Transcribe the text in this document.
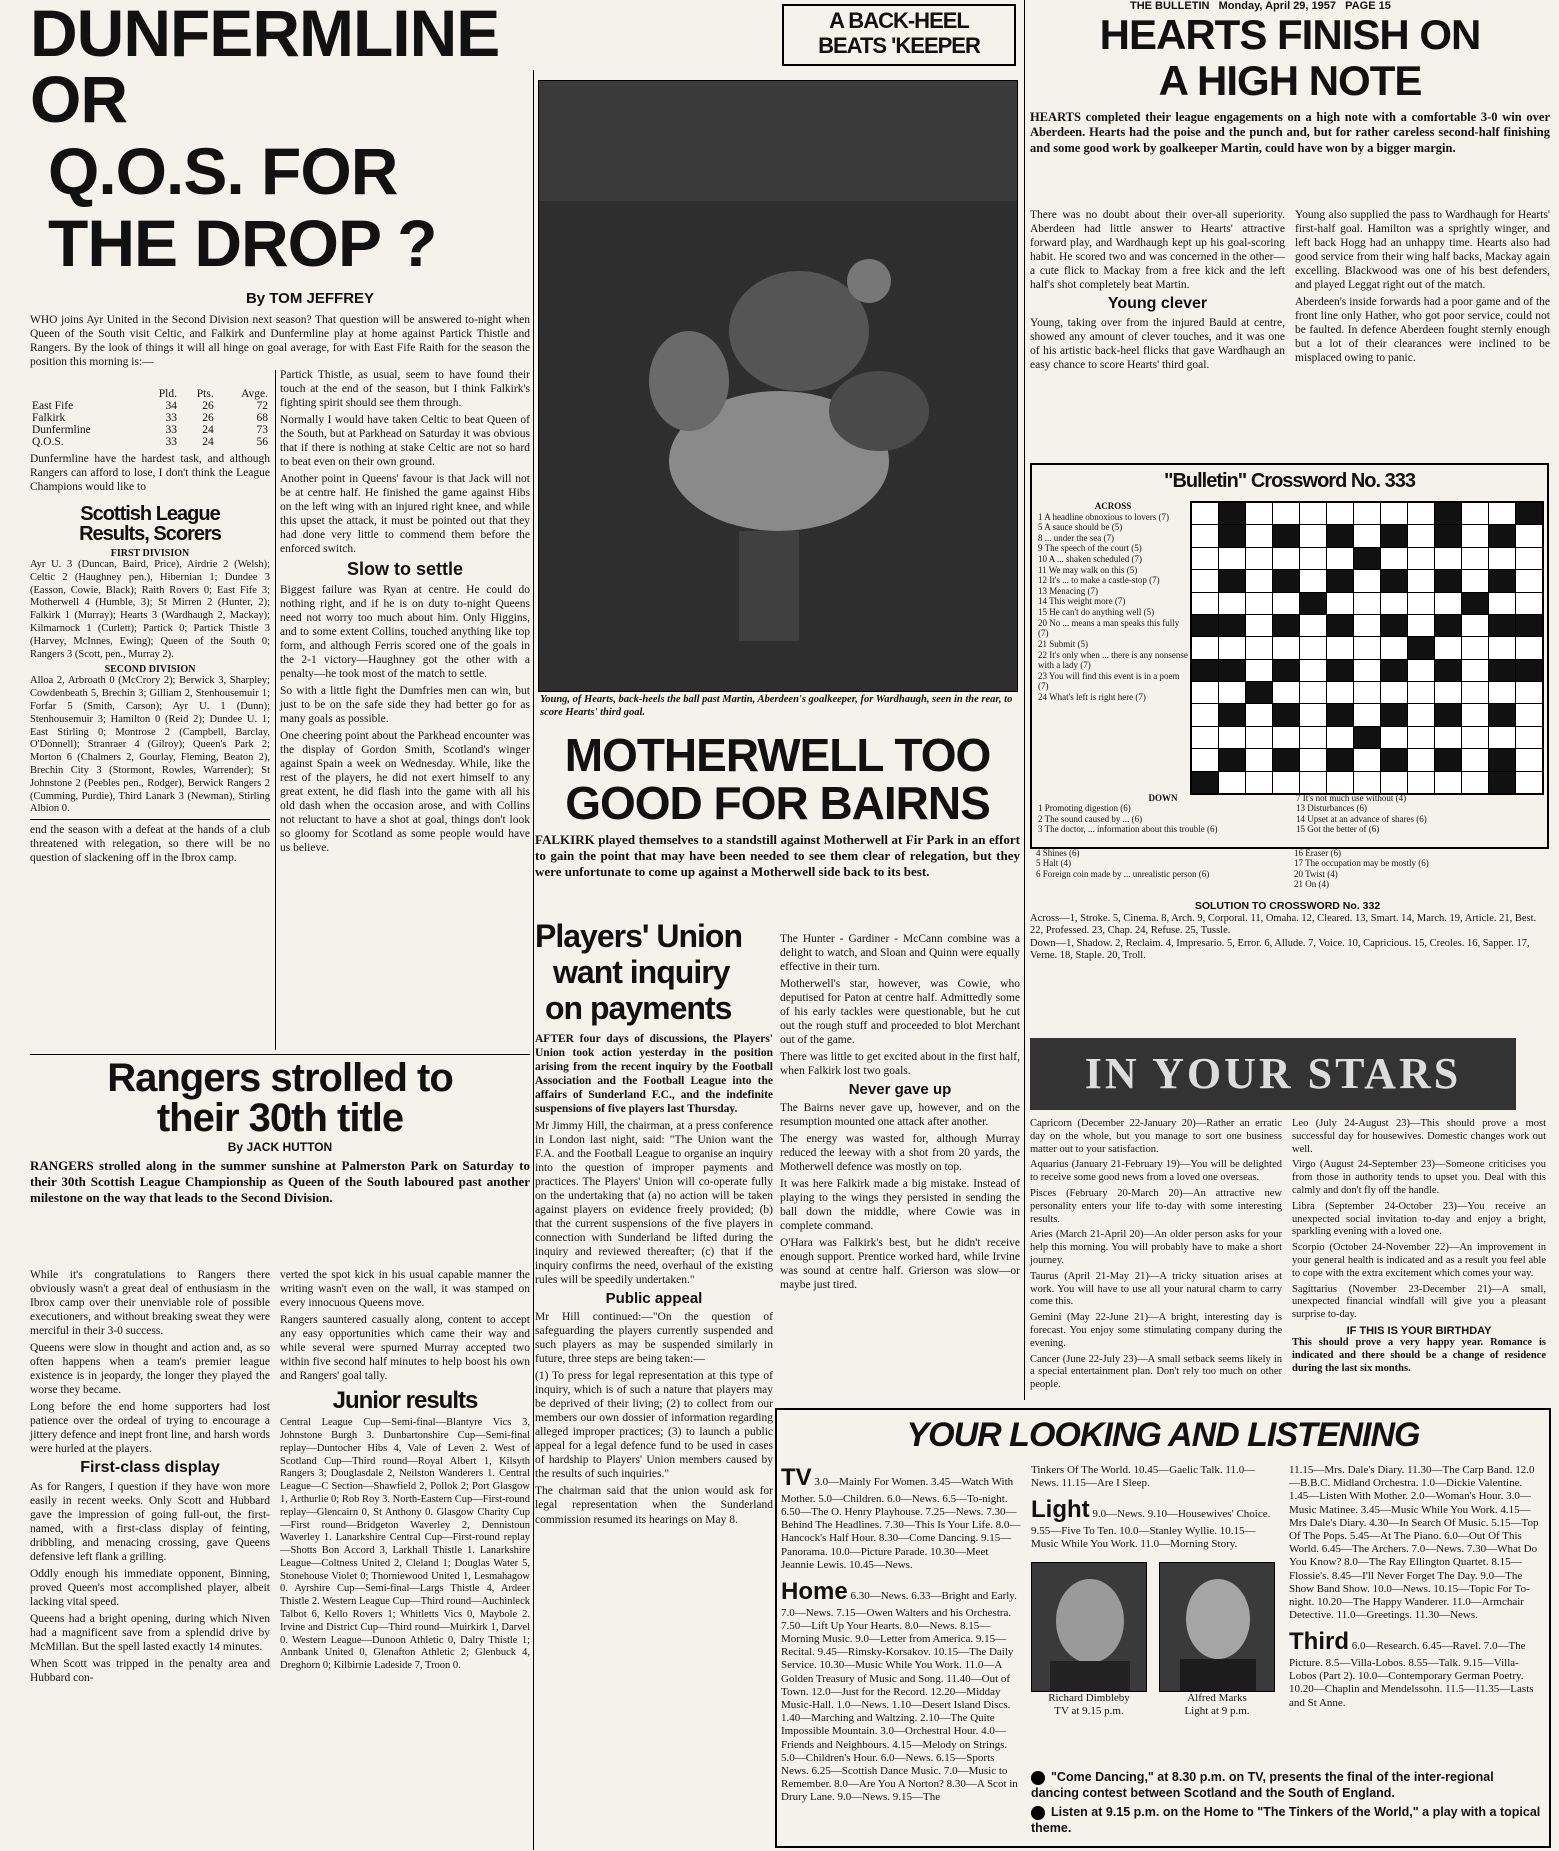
THE BULLETIN Monday, April 29, 1957 PAGE 15
DUNFERMLINE OR
Q.O.S. FOR
THE DROP ?
By TOM JEFFREY

WHO joins Ayr United in the Second Division next season? That question will be answered to-night when Queen of the South visit Celtic, and Falkirk and Dunfermline play at home against Partick Thistle and Rangers. By the look of things it will all hinge on goal average, for with East Fife Raith for the season the position this morning is:—

	Pld.	Pts.	Avge.
East Fife	34	26	72
Falkirk	33	26	68
Dunfermline	33	24	73
Q.O.S.	33	24	56

Dunfermline have the hardest task, and although Rangers can afford to lose, I don't think the League Champions would like to

Scottish League
Results, Scorers
FIRST DIVISION

Ayr U. 3 (Duncan, Baird, Price), Airdrie 2 (Welsh); Celtic 2 (Haughney pen.), Hibernian 1; Dundee 3 (Easson, Cowie, Black); Raith Rovers 0; East Fife 3; Motherwell 4 (Humble, 3); St Mirren 2 (Hunter, 2); Falkirk 1 (Murray); Hearts 3 (Wardhaugh 2, Mackay); Kilmarnock 1 (Curlett); Partick 0; Partick Thistle 3 (Harvey, McInnes, Ewing); Queen of the South 0; Rangers 3 (Scott, pen., Murray 2).

SECOND DIVISION

Alloa 2, Arbroath 0 (McCrory 2); Berwick 3, Sharpley; Cowdenbeath 5, Brechin 3; Gilliam 2, Stenhousemuir 1; Forfar 5 (Smith, Carson); Ayr U. 1 (Dunn); Stenhousemuir 3; Hamilton 0 (Reid 2); Dundee U. 1; East Stirling 0; Montrose 2 (Campbell, Barclay, O'Donnell); Stranraer 4 (Gilroy); Queen's Park 2; Morton 6 (Chalmers 2, Gourlay, Fleming, Beaton 2), Brechin City 3 (Stormont, Rowles, Warrender); St Johnstone 2 (Peebles pen., Rodger), Berwick Rangers 2 (Cumming, Purdie), Third Lanark 3 (Newman), Stirling Albion 0.

end the season with a defeat at the hands of a club threatened with relegation, so there will be no question of slackening off in the Ibrox camp.

Partick Thistle, as usual, seem to have found their touch at the end of the season, but I think Falkirk's fighting spirit should see them through.

Normally I would have taken Celtic to beat Queen of the South, but at Parkhead on Saturday it was obvious that if there is nothing at stake Celtic are not so hard to beat even on their own ground.

Another point in Queens' favour is that Jack will not be at centre half. He finished the game against Hibs on the left wing with an injured right knee, and while this upset the attack, it must be pointed out that they had done very little to commend them before the enforced switch.

Slow to settle

Biggest failure was Ryan at centre. He could do nothing right, and if he is on duty to-night Queens need not worry too much about him. Only Higgins, and to some extent Collins, touched anything like top form, and although Ferris scored one of the goals in the 2-1 victory—Haughney got the other with a penalty—he took most of the match to settle.

So with a little fight the Dumfries men can win, but just to be on the safe side they had better go for as many goals as possible.

One cheering point about the Parkhead encounter was the display of Gordon Smith, Scotland's winger against Spain a week on Wednesday. While, like the rest of the players, he did not exert himself to any great extent, he did flash into the game with all his old dash when the occasion arose, and with Collins not reluctant to have a shot at goal, things don't look so gloomy for Scotland as some people would have us believe.

Rangers strolled to
their 30th title
By JACK HUTTON

RANGERS strolled along in the summer sunshine at Palmerston Park on Saturday to their 30th Scottish League Championship as Queen of the South laboured past another milestone on the way that leads to the Second Division.

While it's congratulations to Rangers there obviously wasn't a great deal of enthusiasm in the Ibrox camp over their unenviable role of possible executioners, and without breaking sweat they were merciful in their 3-0 success.

Queens were slow in thought and action and, as so often happens when a team's premier league existence is in jeopardy, the longer they played the worse they became.

Long before the end home supporters had lost patience over the ordeal of trying to encourage a jittery defence and inept front line, and harsh words were hurled at the players.

First-class display

As for Rangers, I question if they have won more easily in recent weeks. Only Scott and Hubbard gave the impression of going full-out, the first-named, with a first-class display of feinting, dribbling, and menacing crossing, gave Queens defensive left flank a grilling.

Oddly enough his immediate opponent, Binning, proved Queen's most accomplished player, albeit lacking vital speed.

Queens had a bright opening, during which Niven had a magnificent save from a splendid drive by McMillan. But the spell lasted exactly 14 minutes.

When Scott was tripped in the penalty area and Hubbard con-

verted the spot kick in his usual capable manner the writing wasn't even on the wall, it was stamped on every innocuous Queens move.

Rangers sauntered casually along, content to accept any easy opportunities which came their way and while several were spurned Murray accepted two within five second half minutes to help boost his own and Rangers' goal tally.

Junior results

Central League Cup—Semi-final—Blantyre Vics 3, Johnstone Burgh 3. Dunbartonshire Cup—Semi-final replay—Duntocher Hibs 4, Vale of Leven 2. West of Scotland Cup—Third round—Royal Albert 1, Kilsyth Rangers 3; Douglasdale 2, Neilston Wanderers 1. Central League—C Section—Shawfield 2, Pollok 2; Port Glasgow 1, Arthurlie 0; Rob Roy 3. North-Eastern Cup—First-round replay—Glencairn 0, St Anthony 0. Glasgow Charity Cup—First round—Bridgeton Waverley 2, Dennistoun Waverley 1. Lanarkshire Central Cup—First-round replay—Shotts Bon Accord 3, Larkhall Thistle 1. Lanarkshire League—Coltness United 2, Cleland 1; Douglas Water 5, Stonehouse Violet 0; Thorniewood United 1, Lesmahagow 0. Ayrshire Cup—Semi-final—Largs Thistle 4, Ardeer Thistle 2. Western League Cup—Third round—Auchinleck Talbot 6, Kello Rovers 1; Whitletts Vics 0, Maybole 2. Irvine and District Cup—Third round—Muirkirk 1, Darvel 0. Western League—Dunoon Athletic 0, Dalry Thistle 1; Annbank United 0, Glenafton Athletic 2; Glenbuck 4, Dreghorn 0; Kilbirnie Ladeside 7, Troon 0.

A BACK-HEEL
BEATS 'KEEPER
Young, of Hearts, back-heels the ball past Martin, Aberdeen's goalkeeper, for Wardhaugh, seen in the rear, to score Hearts' third goal.
MOTHERWELL TOO
GOOD FOR BAIRNS

FALKIRK played themselves to a standstill against Motherwell at Fir Park in an effort to gain the point that may have been needed to see them clear of relegation, but they were unfortunate to come up against a Motherwell side back to its best.

The Hunter - Gardiner - McCann combine was a delight to watch, and Sloan and Quinn were equally effective in their turn.

Motherwell's star, however, was Cowie, who deputised for Paton at centre half. Admittedly some of his early tackles were questionable, but he cut out the rough stuff and proceeded to blot Merchant out of the game.

There was little to get excited about in the first half, when Falkirk lost two goals.

Never gave up

The Bairns never gave up, however, and on the resumption mounted one attack after another.

The energy was wasted for, although Murray reduced the leeway with a shot from 20 yards, the Motherwell defence was mostly on top.

It was here Falkirk made a big mistake. Instead of playing to the wings they persisted in sending the ball down the middle, where Cowie was in complete command.

O'Hara was Falkirk's best, but he didn't receive enough support. Prentice worked hard, while Irvine was sound at centre half. Grierson was slow—or maybe just tired.

Players' Union
want inquiry
on payments

AFTER four days of discussions, the Players' Union took action yesterday in the position arising from the recent inquiry by the Football Association and the Football League into the affairs of Sunderland F.C., and the indefinite suspensions of five players last Thursday.

Mr Jimmy Hill, the chairman, at a press conference in London last night, said: "The Union want the F.A. and the Football League to organise an inquiry into the question of improper payments and practices. The Players' Union will co-operate fully on the undertaking that (a) no action will be taken against players on evidence freely provided; (b) that the current suspensions of the five players in connection with Sunderland be lifted during the inquiry and reviewed thereafter; (c) that if the inquiry confirms the need, overhaul of the existing rules will be speedily undertaken."

Public appeal

Mr Hill continued:—"On the question of safeguarding the players currently suspended and such players as may be suspended similarly in future, three steps are being taken:—

(1) To press for legal representation at this type of inquiry, which is of such a nature that players may be deprived of their living; (2) to collect from our members our own dossier of information regarding alleged improper practices; (3) to launch a public appeal for a legal defence fund to be used in cases of hardship to Players' Union members caused by the results of such inquiries."

The chairman said that the union would ask for legal representation when the Sunderland commission resumed its hearings on May 8.

HEARTS FINISH ON
A HIGH NOTE

HEARTS completed their league engagements on a high note with a comfortable 3-0 win over Aberdeen. Hearts had the poise and the punch and, but for rather careless second-half finishing and some good work by goalkeeper Martin, could have won by a bigger margin.

There was no doubt about their over-all superiority. Aberdeen had little answer to Hearts' attractive forward play, and Wardhaugh kept up his goal-scoring habit. He scored two and was concerned in the other—a cute flick to Mackay from a free kick and the left half's shot completely beat Martin.

Young clever

Young, taking over from the injured Bauld at centre, showed any amount of clever touches, and it was one of his artistic back-heel flicks that gave Wardhaugh an easy chance to score Hearts' third goal.

Young also supplied the pass to Wardhaugh for Hearts' first-half goal. Hamilton was a sprightly winger, and left back Hogg had an unhappy time. Hearts also had good service from their wing half backs, Mackay again excelling. Blackwood was one of his best defenders, and played Leggat right out of the match.

Aberdeen's inside forwards had a poor game and of the front line only Hather, who got poor service, could not be faulted. In defence Aberdeen fought sternly enough but a lot of their clearances were inclined to be misplaced owing to panic.

"Bulletin" Crossword No. 333
ACROSS
1 A headline obnoxious to lovers (7)
5 A sauce should be (5)
8 ... under the sea (7)
9 The speech of the court (5)
10 A ... shaken scheduled (7)
11 We may walk on this (5)
12 It's ... to make a castle-stop (7)
13 Menacing (7)
14 This weight more (7)
15 He can't do anything well (5)
20 No ... means a man speaks this fully (7)
21 Submit (5)
22 It's only when ... there is any nonsense with a lady (7)
23 You will find this event is in a poem (7)
24 What's left is right here (7)
DOWN
1 Promoting digestion (6)
2 The sound caused by ... (6)
3 The doctor, ... information about this trouble (6)
7 It's not much use without (4)
13 Disturbances (6)
14 Upset at an advance of shares (6)
15 Got the better of (6)
4 Shines (6)
5 Halt (4)
6 Foreign coin made by ... unrealistic person (6)
16 Eraser (6)
17 The occupation may be mostly (6)
20 Twist (4)
21 On (4)
SOLUTION TO CROSSWORD No. 332
Across—1, Stroke. 5, Cinema. 8, Arch. 9, Corporal. 11, Omaha. 12, Cleared. 13, Smart. 14, March. 19, Article. 21, Best. 22, Professed. 23, Chap. 24, Refuse. 25, Tussle.
Down—1, Shadow. 2, Reclaim. 4, Impresario. 5, Error. 6, Allude. 7, Voice. 10, Capricious. 15, Creoles. 16, Sapper. 17, Verne. 18, Staple. 20, Troll.
IN YOUR STARS

Capricorn (December 22-January 20)—Rather an erratic day on the whole, but you manage to sort one business matter out to your satisfaction.

Aquarius (January 21-February 19)—You will be delighted to receive some good news from a loved one overseas.

Pisces (February 20-March 20)—An attractive new personality enters your life to-day with some interesting results.

Aries (March 21-April 20)—An older person asks for your help this morning. You will probably have to make a short journey.

Taurus (April 21-May 21)—A tricky situation arises at work. You will have to use all your natural charm to carry come this.

Gemini (May 22-June 21)—A bright, interesting day is forecast. You enjoy some stimulating company during the evening.

Cancer (June 22-July 23)—A small setback seems likely in a special entertainment plan. Don't rely too much on other people.

Leo (July 24-August 23)—This should prove a most successful day for housewives. Domestic changes work out well.

Virgo (August 24-September 23)—Someone criticises you from those in authority tends to upset you. Deal with this calmly and don't fly off the handle.

Libra (September 24-October 23)—You receive an unexpected social invitation to-day and enjoy a bright, sparkling evening with a loved one.

Scorpio (October 24-November 22)—An improvement in your general health is indicated and as a result you feel able to cope with the extra excitement which comes your way.

Sagittarius (November 23-December 21)—A small, unexpected financial windfall will give you a pleasant surprise to-day.

IF THIS IS YOUR BIRTHDAY

This should prove a very happy year. Romance is indicated and there should be a change of residence during the last six months.

YOUR LOOKING AND LISTENING
TV 3.0—Mainly For Women. 3.45—Watch With Mother. 5.0—Children. 6.0—News. 6.5—To-night. 6.50—The O. Henry Playhouse. 7.25—News. 7.30—Behind The Headlines. 7.30—This Is Your Life. 8.0—Hancock's Half Hour. 8.30—Come Dancing. 9.15—Panorama. 10.0—Picture Parade. 10.30—Meet Jeannie Lewis. 10.45—News.
Home 6.30—News. 6.33—Bright and Early. 7.0—News. 7.15—Owen Walters and his Orchestra. 7.50—Lift Up Your Hearts. 8.0—News. 8.15—Morning Music. 9.0—Letter from America. 9.15—Recital. 9.45—Rimsky-Korsakov. 10.15—The Daily Service. 10.30—Music While You Work. 11.0—A Golden Treasury of Music and Song. 11.40—Out of Town. 12.0—Just for the Record. 12.20—Midday Music-Hall. 1.0—News. 1.10—Desert Island Discs. 1.40—Marching and Waltzing. 2.10—The Quite Impossible Mountain. 3.0—Orchestral Hour. 4.0—Friends and Neighbours. 4.15—Melody on Strings. 5.0—Children's Hour. 6.0—News. 6.15—Sports News. 6.25—Scottish Dance Music. 7.0—Music to Remember. 8.0—Are You A Norton? 8.30—A Scot in Drury Lane. 9.0—News. 9.15—The
Tinkers Of The World. 10.45—Gaelic Talk. 11.0—News. 11.15—Are I Sleep.
Light 9.0—News. 9.10—Housewives' Choice. 9.55—Five To Ten. 10.0—Stanley Wyllie. 10.15—Music While You Work. 11.0—Morning Story.
Richard Dimbleby
TV at 9.15 p.m.
Alfred Marks
Light at 9 p.m.
11.15—Mrs. Dale's Diary. 11.30—The Carp Band. 12.0—B.B.C. Midland Orchestra. 1.0—Dickie Valentine. 1.45—Listen With Mother. 2.0—Woman's Hour. 3.0—Music Matinee. 3.45—Music While You Work. 4.15—Mrs Dale's Diary. 4.30—In Search Of Music. 5.15—Top Of The Pops. 5.45—At The Piano. 6.0—Out Of This World. 6.45—The Archers. 7.0—News. 7.30—What Do You Know? 8.0—The Ray Ellington Quartet. 8.15—Flossie's. 8.45—I'll Never Forget The Day. 9.0—The Show Band Show. 10.0—News. 10.15—Topic For To-night. 10.20—The Happy Wanderer. 11.0—Armchair Detective. 11.0—Greetings. 11.30—News.
Third 6.0—Research. 6.45—Ravel. 7.0—The Picture. 8.5—Villa-Lobos. 8.55—Talk. 9.15—Villa-Lobos (Part 2). 10.0—Contemporary German Poetry. 10.20—Chaplin and Mendelssohn. 11.5—11.35—Lasts and St Anne.
"Come Dancing," at 8.30 p.m. on TV, presents the final of the inter-regional dancing contest between Scotland and the South of England.
Listen at 9.15 p.m. on the Home to "The Tinkers of the World," a play with a topical theme.
